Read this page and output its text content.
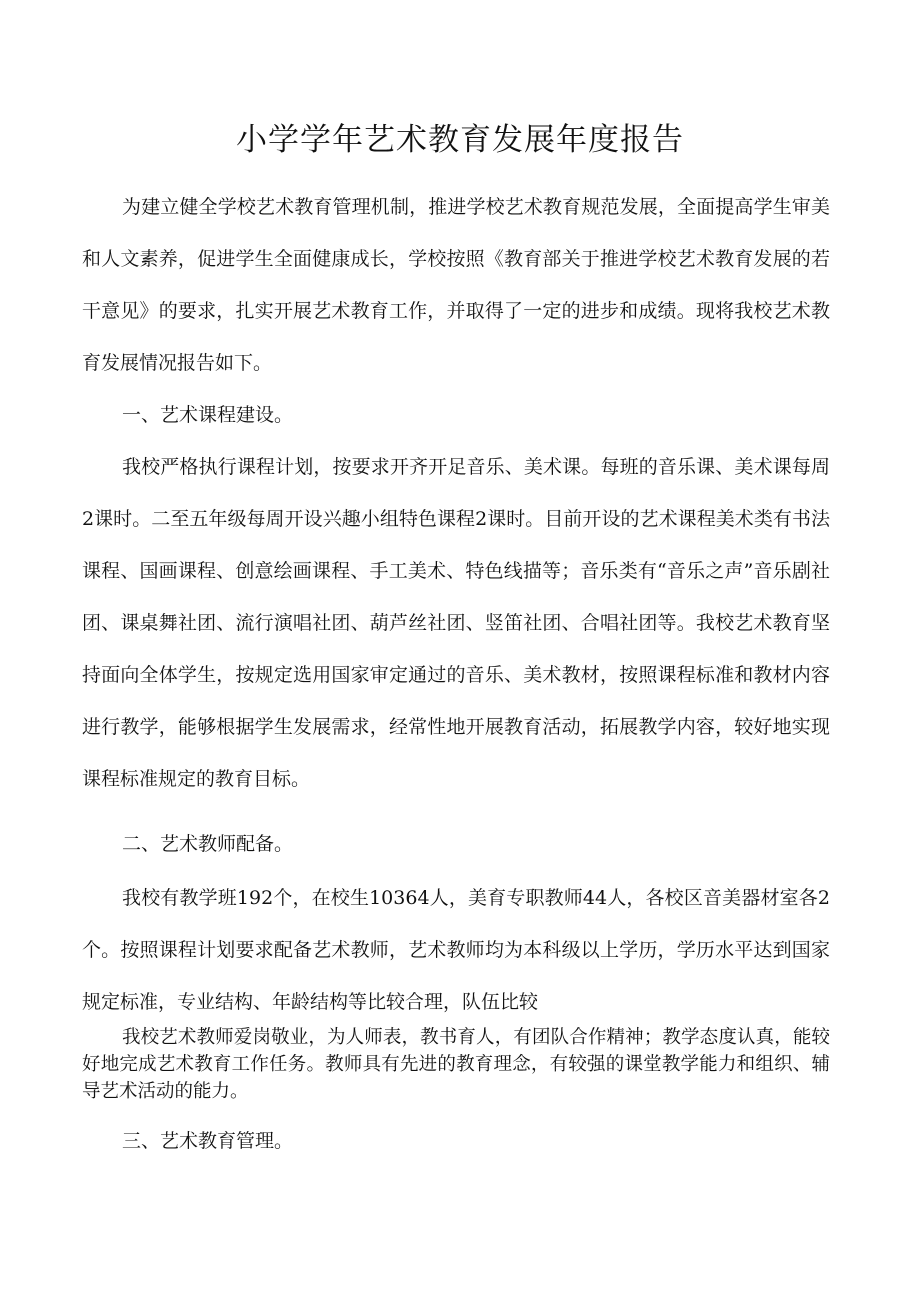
小学学年艺术教育发展年度报告
为建立健全学校艺术教育管理机制，推进学校艺术教育规范发展，全面提高学生审美和人文素养，促进学生全面健康成长，学校按照《教育部关于推进学校艺术教育发展的若干意见》的要求，扎实开展艺术教育工作，并取得了一定的进步和成绩。现将我校艺术教育发展情况报告如下。
一、艺术课程建设。
我校严格执行课程计划，按要求开齐开足音乐、美术课。每班的音乐课、美术课每周2课时。二至五年级每周开设兴趣小组特色课程2课时。目前开设的艺术课程美术类有书法课程、国画课程、创意绘画课程、手工美术、特色线描等；音乐类有“音乐之声”音乐剧社团、课桌舞社团、流行演唱社团、葫芦丝社团、竖笛社团、合唱社团等。我校艺术教育坚持面向全体学生，按规定选用国家审定通过的音乐、美术教材，按照课程标准和教材内容进行教学，能够根据学生发展需求，经常性地开展教育活动，拓展教学内容，较好地实现课程标准规定的教育目标。
二、艺术教师配备。
我校有教学班192个，在校生10364人，美育专职教师44人，各校区音美器材室各2个。按照课程计划要求配备艺术教师，艺术教师均为本科级以上学历，学历水平达到国家规定标准，专业结构、年龄结构等比较合理，队伍比较
我校艺术教师爱岗敬业，为人师表，教书育人，有团队合作精神；教学态度认真，能较好地完成艺术教育工作任务。教师具有先进的教育理念，有较强的课堂教学能力和组织、辅导艺术活动的能力。
三、艺术教育管理。
